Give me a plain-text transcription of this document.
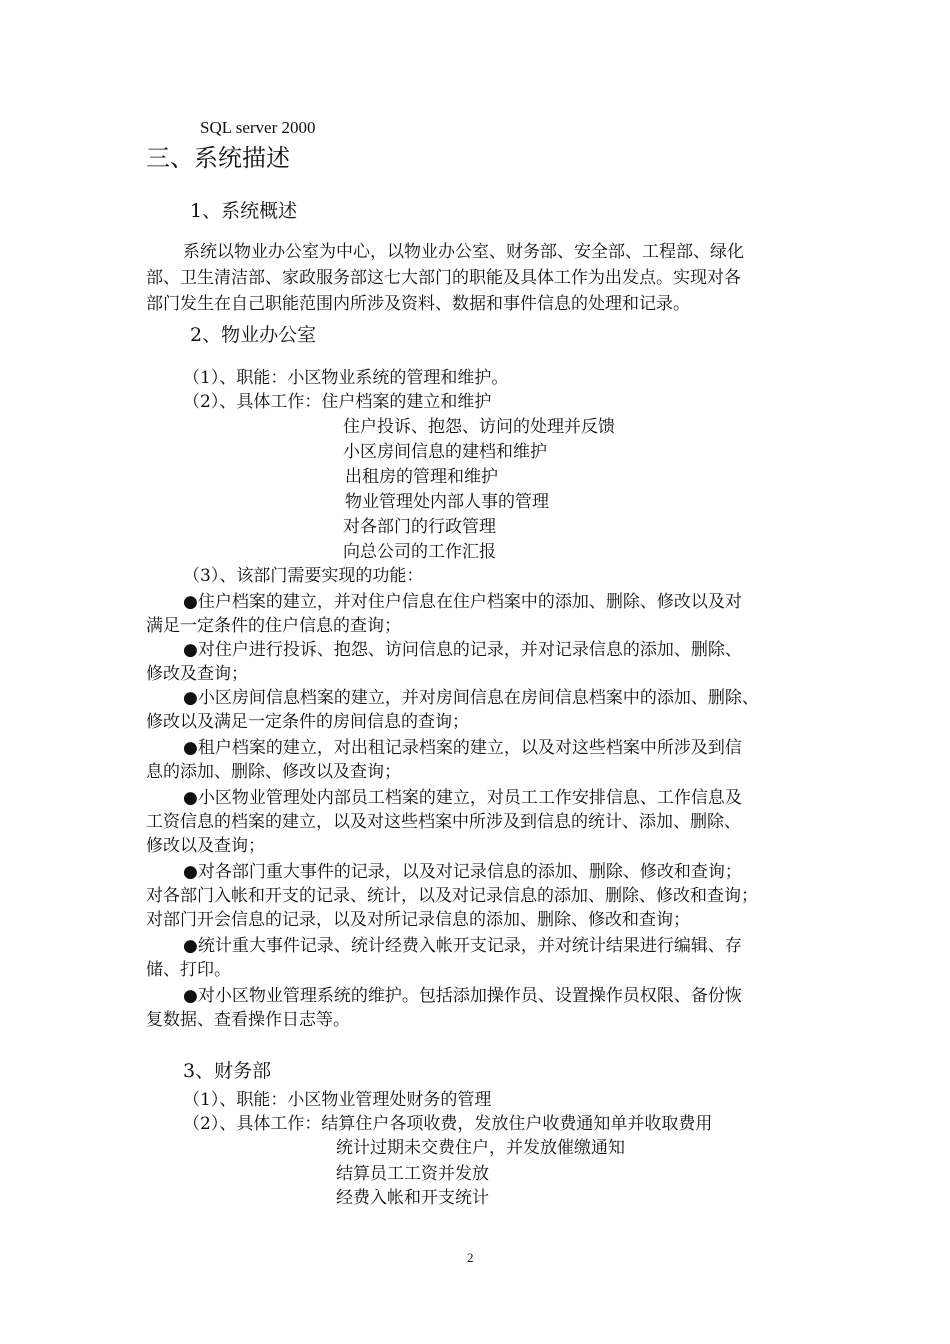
SQL server 2000
三、系统描述
1、系统概述
系统以物业办公室为中心，以物业办公室、财务部、安全部、工程部、绿化
部、卫生清洁部、家政服务部这七大部门的职能及具体工作为出发点。实现对各
部门发生在自己职能范围内所涉及资料、数据和事件信息的处理和记录。
2、物业办公室
（1）、职能：小区物业系统的管理和维护。
（2）、具体工作：住户档案的建立和维护
住户投诉、抱怨、访问的处理并反馈
小区房间信息的建档和维护
出租房的管理和维护
物业管理处内部人事的管理
对各部门的行政管理
向总公司的工作汇报
（3）、该部门需要实现的功能：
●住户档案的建立，并对住户信息在住户档案中的添加、删除、修改以及对
满足一定条件的住户信息的查询；
●对住户进行投诉、抱怨、访问信息的记录，并对记录信息的添加、删除、
修改及查询；
●小区房间信息档案的建立，并对房间信息在房间信息档案中的添加、删除、
修改以及满足一定条件的房间信息的查询；
●租户档案的建立，对出租记录档案的建立，以及对这些档案中所涉及到信
息的添加、删除、修改以及查询；
●小区物业管理处内部员工档案的建立，对员工工作安排信息、工作信息及
工资信息的档案的建立，以及对这些档案中所涉及到信息的统计、添加、删除、
修改以及查询；
●对各部门重大事件的记录，以及对记录信息的添加、删除、修改和查询；
对各部门入帐和开支的记录、统计，以及对记录信息的添加、删除、修改和查询；
对部门开会信息的记录，以及对所记录信息的添加、删除、修改和查询；
●统计重大事件记录、统计经费入帐开支记录，并对统计结果进行编辑、存
储、打印。
●对小区物业管理系统的维护。包括添加操作员、设置操作员权限、备份恢
复数据、查看操作日志等。
3、财务部
（1）、职能：小区物业管理处财务的管理
（2）、具体工作：结算住户各项收费，发放住户收费通知单并收取费用
统计过期未交费住户，并发放催缴通知
结算员工工资并发放
经费入帐和开支统计
2
